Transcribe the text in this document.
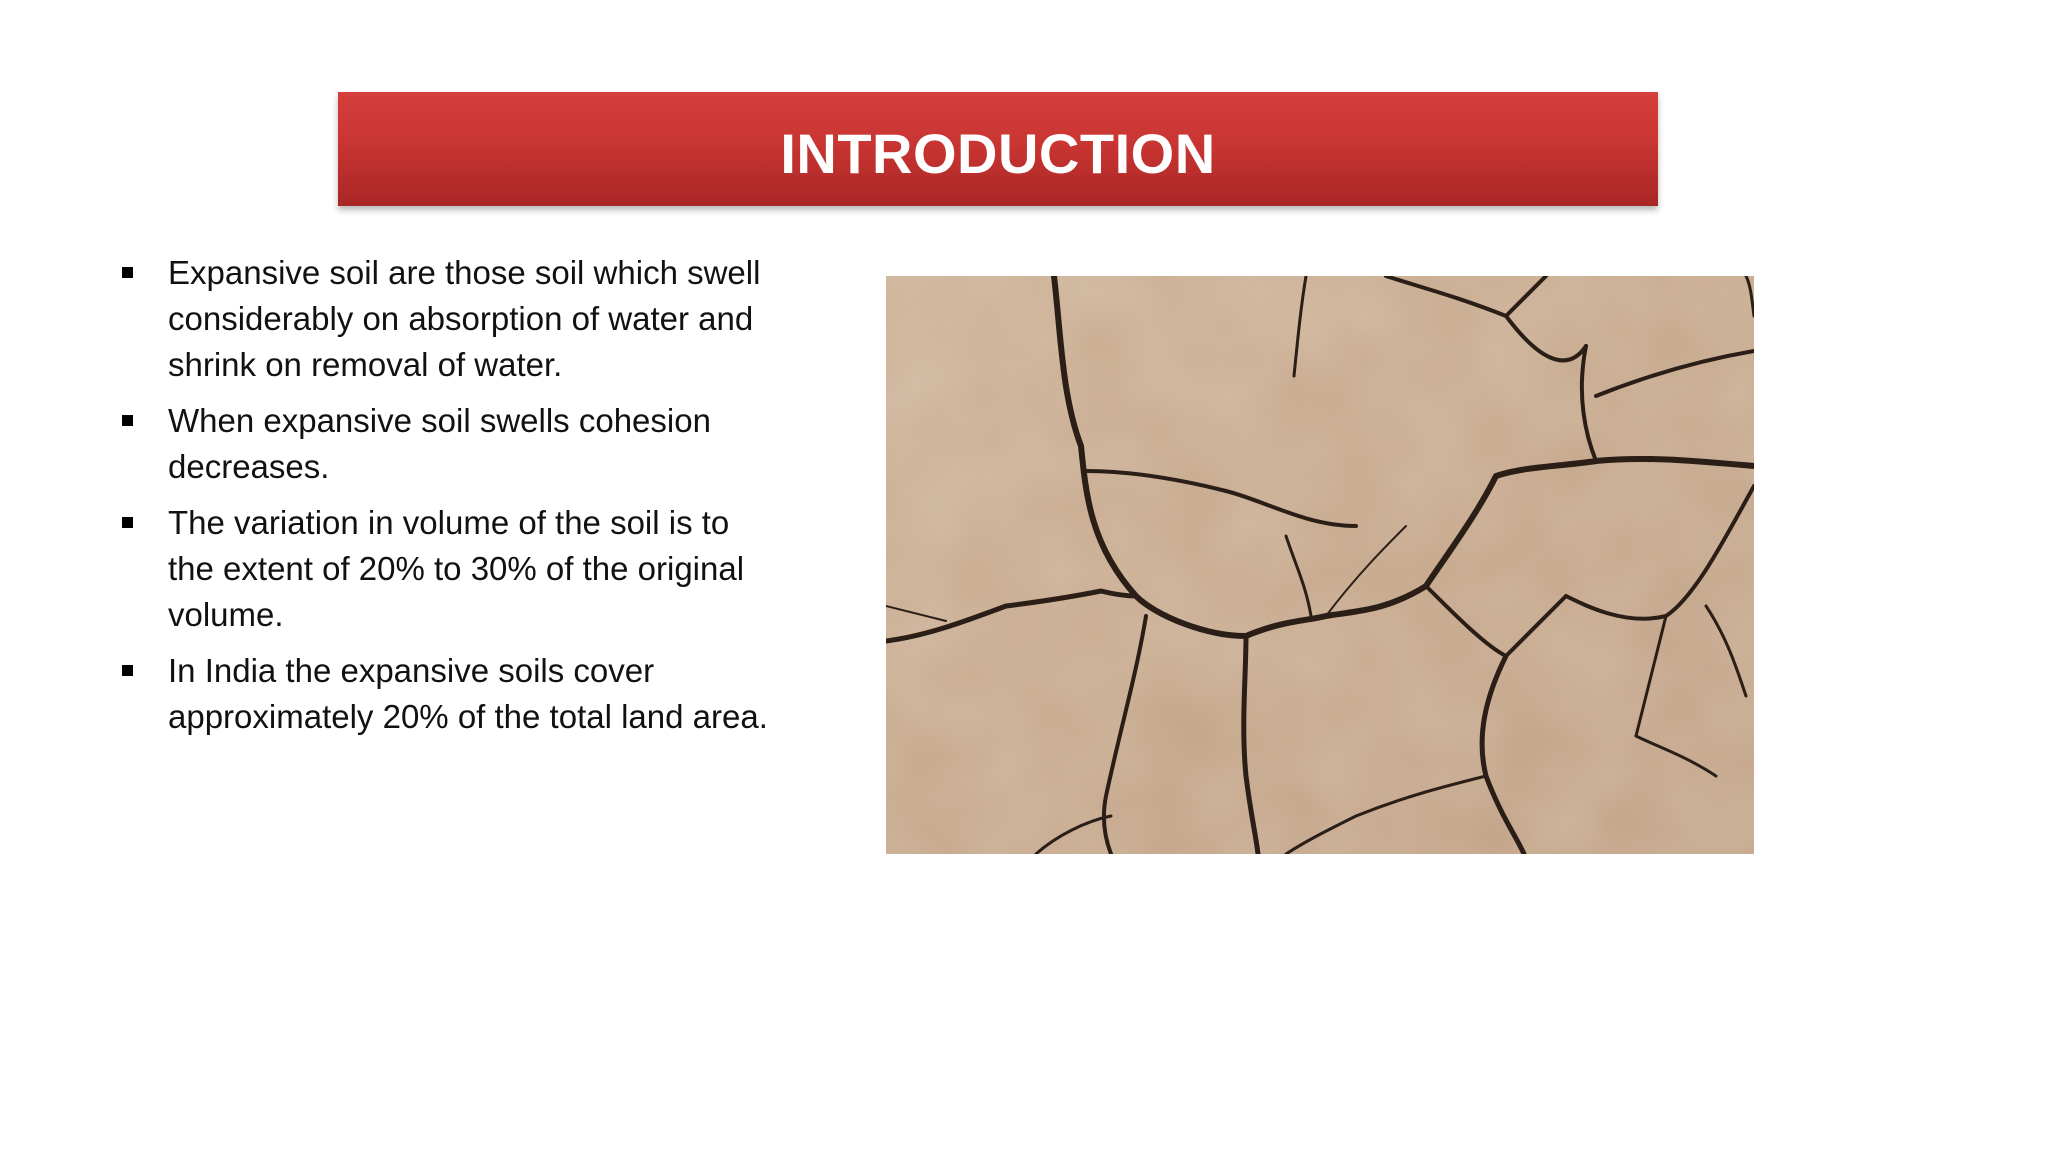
INTRODUCTION
Expansive soil are those soil which swell considerably on absorption of water and shrink on removal of water.
When expansive soil swells cohesion decreases.
The variation in volume of the soil is to the extent of 20% to 30% of the original volume.
In India the expansive soils cover approximately 20% of the total land area.
